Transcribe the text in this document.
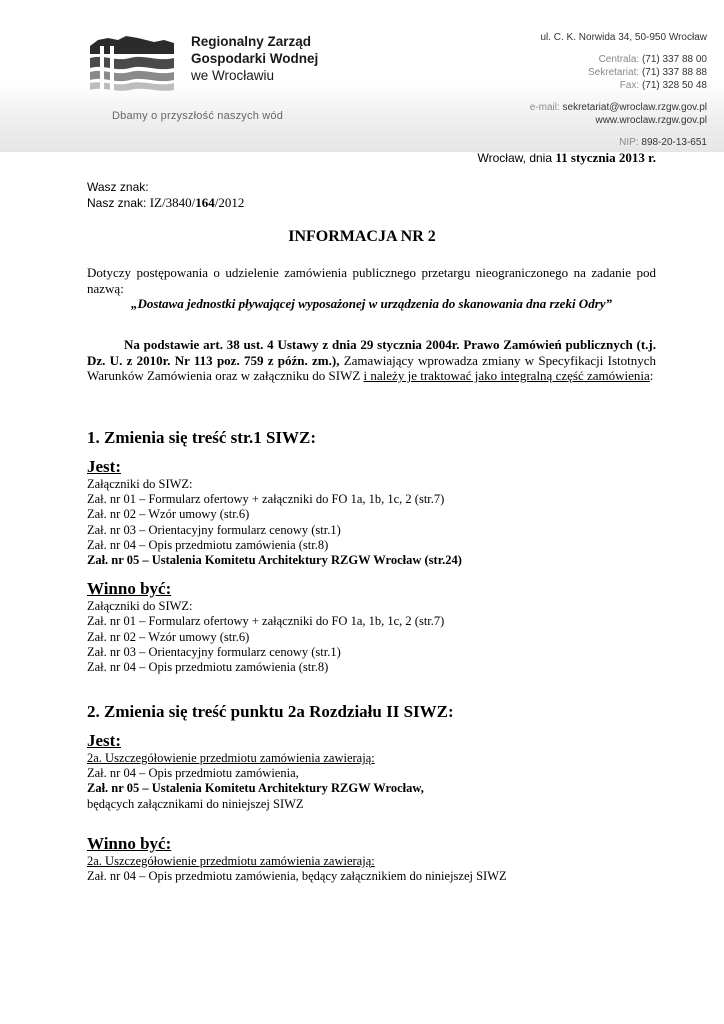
Regionalny Zarząd
Gospodarki Wodnej
we Wrocławiu
Dbamy o przyszłość naszych wód
ul. C. K. Norwida 34, 50-950 Wrocław
Centrala: (71) 337 88 00
Sekretariat: (71) 337 88 88
Fax: (71) 328 50 48
e-mail: sekretariat@wroclaw.rzgw.gov.pl
www.wroclaw.rzgw.gov.pl
NIP: 898-20-13-651
Wrocław, dnia 11 stycznia 2013 r.
Wasz znak:
Nasz znak: IZ/3840/164/2012
INFORMACJA NR 2
Dotyczy postępowania o udzielenie zamówienia publicznego przetargu nieograniczonego na zadanie pod nazwą:
„Dostawa jednostki pływającej wyposażonej w urządzenia do skanowania dna rzeki Odry”
Na podstawie art. 38 ust. 4 Ustawy z dnia 29 stycznia 2004r. Prawo Zamówień publicznych (t.j. Dz. U. z 2010r. Nr 113 poz. 759 z późn. zm.), Zamawiający wprowadza zmiany w Specyfikacji Istotnych Warunków Zamówienia oraz w załączniku do SIWZ i należy je traktować jako integralną część zamówienia:
1. Zmienia się treść str.1 SIWZ:
Jest:
Załączniki do SIWZ:
Zał. nr 01 – Formularz ofertowy + załączniki do FO 1a, 1b, 1c, 2 (str.7)
Zał. nr 02 – Wzór umowy (str.6)
Zał. nr 03 – Orientacyjny formularz cenowy (str.1)
Zał. nr 04 – Opis przedmiotu zamówienia (str.8)
Zał. nr 05 – Ustalenia Komitetu Architektury RZGW Wrocław (str.24)
Winno być:
Załączniki do SIWZ:
Zał. nr 01 – Formularz ofertowy + załączniki do FO 1a, 1b, 1c, 2 (str.7)
Zał. nr 02 – Wzór umowy (str.6)
Zał. nr 03 – Orientacyjny formularz cenowy (str.1)
Zał. nr 04 – Opis przedmiotu zamówienia (str.8)
2. Zmienia się treść punktu 2a Rozdziału II SIWZ:
Jest:
2a. Uszczegółowienie przedmiotu zamówienia zawierają:
Zał. nr 04 – Opis przedmiotu zamówienia,
Zał. nr 05 – Ustalenia Komitetu Architektury RZGW Wrocław,
będących załącznikami do niniejszej SIWZ
Winno być:
2a. Uszczegółowienie przedmiotu zamówienia zawierają:
Zał. nr 04 – Opis przedmiotu zamówienia, będący załącznikiem do niniejszej SIWZ
